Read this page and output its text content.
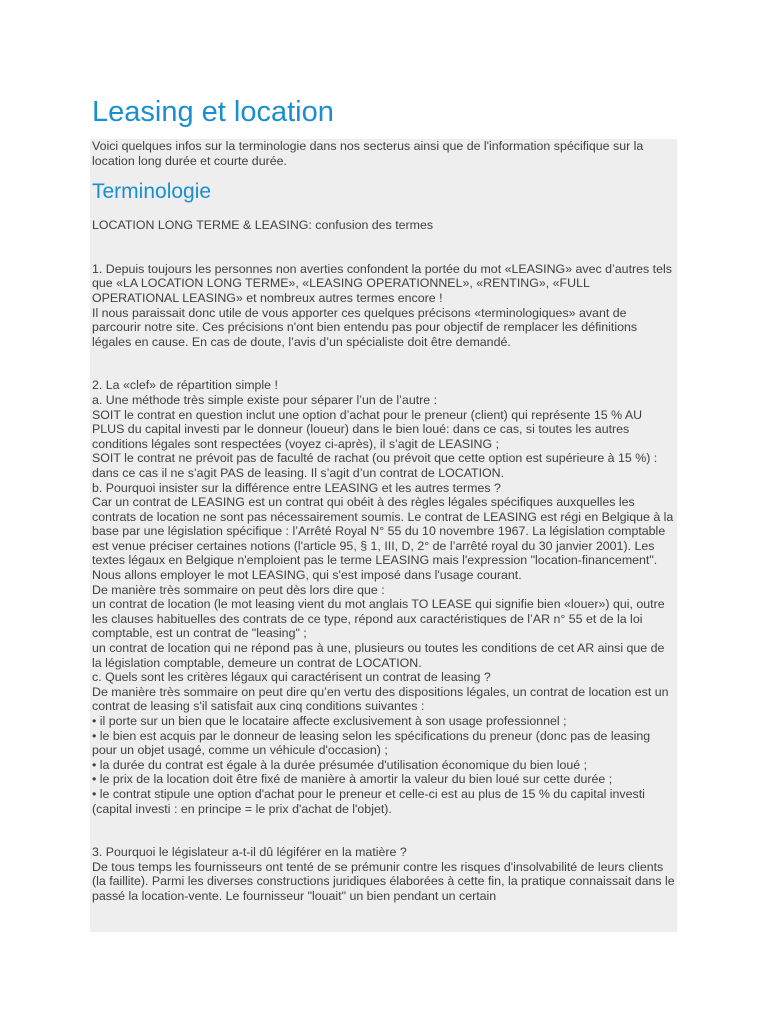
Leasing et location

Voici quelques infos sur la terminologie dans nos secterus ainsi que de l'information spécifique sur la location long durée et courte durée.

Terminologie

LOCATION LONG TERME & LEASING: confusion des termes

1. Depuis toujours les personnes non averties confondent la portée du mot «LEASING» avec d’autres tels que «LA LOCATION LONG TERME», «LEASING OPERATIONNEL», «RENTING», «FULL OPERATIONAL LEASING» et nombreux autres termes encore !

Il nous paraissait donc utile de vous apporter ces quelques précisons «terminologiques» avant de parcourir notre site. Ces précisions n'ont bien entendu pas pour objectif de remplacer les définitions légales en cause. En cas de doute, l’avis d’un spécialiste doit être demandé.

2. La «clef» de répartition simple !

a. Une méthode très simple existe pour séparer l’un de l’autre :

SOIT le contrat en question inclut une option d’achat pour le preneur (client) qui représente 15 % AU PLUS du capital investi par le donneur (loueur) dans le bien loué: dans ce cas, si toutes les autres conditions légales sont respectées (voyez ci-après), il s’agit de LEASING ;

SOIT le contrat ne prévoit pas de faculté de rachat (ou prévoit que cette option est supérieure à 15 %) : dans ce cas il ne s’agit PAS de leasing. Il s’agit d’un contrat de LOCATION.

b. Pourquoi insister sur la différence entre LEASING et les autres termes ?

Car un contrat de LEASING est un contrat qui obéit à des règles légales spécifiques auxquelles les contrats de location ne sont pas nécessairement soumis. Le contrat de LEASING est régi en Belgique à la base par une législation spécifique : l’Arrêté Royal N° 55 du 10 novembre 1967. La législation comptable est venue préciser certaines notions (l'article 95, § 1, III, D, 2° de l’arrêté royal du 30 janvier 2001). Les textes légaux en Belgique n'emploient pas le terme LEASING mais l'expression "location-financement". Nous allons employer le mot LEASING, qui s'est imposé dans l'usage courant.

De manière très sommaire on peut dès lors dire que :

un contrat de location (le mot leasing vient du mot anglais TO LEASE qui signifie bien «louer») qui, outre les clauses habituelles des contrats de ce type, répond aux caractéristiques de l’AR n° 55 et de la loi comptable, est un contrat de "leasing" ;

un contrat de location qui ne répond pas à une, plusieurs ou toutes les conditions de cet AR ainsi que de la législation comptable, demeure un contrat de LOCATION.

c. Quels sont les critères légaux qui caractérisent un contrat de leasing ?

De manière très sommaire on peut dire qu’en vertu des dispositions légales, un contrat de location est un contrat de leasing s'il satisfait aux cinq conditions suivantes :

• il porte sur un bien que le locataire affecte exclusivement à son usage professionnel ;

• le bien est acquis par le donneur de leasing selon les spécifications du preneur (donc pas de leasing pour un objet usagé, comme un véhicule d'occasion) ;

• la durée du contrat est égale à la durée présumée d'utilisation économique du bien loué ;

• le prix de la location doit être fixé de manière à amortir la valeur du bien loué sur cette durée ;

• le contrat stipule une option d'achat pour le preneur et celle-ci est au plus de 15 % du capital investi (capital investi : en principe = le prix d'achat de l'objet).

3. Pourquoi le législateur a-t-il dû légiférer en la matière ?

De tous temps les fournisseurs ont tenté de se prémunir contre les risques d'insolvabilité de leurs clients (la faillite). Parmi les diverses constructions juridiques élaborées à cette fin, la pratique connaissait dans le passé la location-vente. Le fournisseur "louait" un bien pendant un certain
